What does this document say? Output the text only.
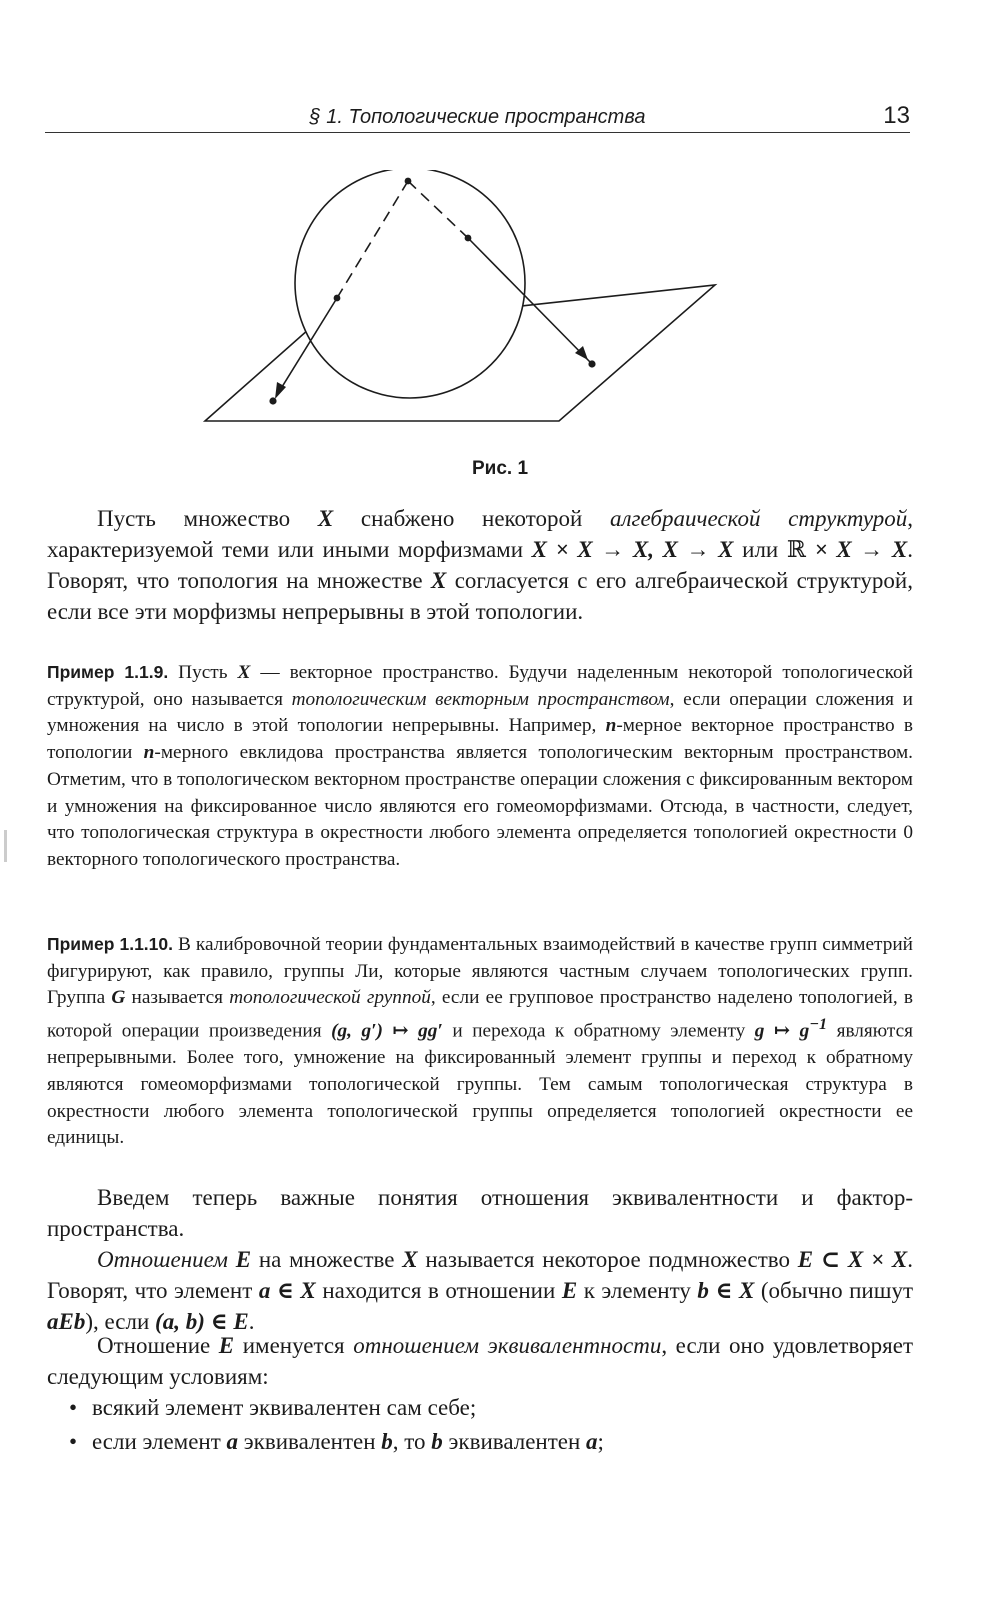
§ 1. Топологические пространства	13
Рис. 1

Пусть множество X снабжено некоторой алгебраической структурой, характеризуемой теми или иными морфизмами X × X → X, X → X или ℝ × X → X. Говорят, что топология на множестве X согласуется с его алгебраической структурой, если все эти морфизмы непрерывны в этой топологии.

Пример 1.1.9. Пусть X — векторное пространство. Будучи наделенным некоторой топологической структурой, оно называется топологическим векторным пространством, если операции сложения и умножения на число в этой топологии непрерывны. Например, n-мерное векторное пространство в топологии n-мерного евклидова пространства является топологическим векторным пространством. Отметим, что в топологическом векторном пространстве операции сложения с фиксированным вектором и умножения на фиксированное число являются его гомеоморфизмами. Отсюда, в частности, следует, что топологическая структура в окрестности любого элемента определяется топологией окрестности 0 векторного топологического пространства.

Пример 1.1.10. В калибровочной теории фундаментальных взаимодействий в качестве групп симметрий фигурируют, как правило, группы Ли, которые являются частным случаем топологических групп. Группа G называется топологической группой, если ее групповое пространство наделено топологией, в которой операции произведения (g, g′) ↦ gg′ и перехода к обратному элементу g ↦ $g^{-1}$ являются непрерывными. Более того, умножение на фиксированный элемент группы и переход к обратному являются гомеоморфизмами топологической группы. Тем самым топологическая структура в окрестности любого элемента топологической группы определяется топологией окрестности ее единицы.

Введем теперь важные понятия отношения эквивалентности и фактор-пространства.

Отношением E на множестве X называется некоторое подмножество E ⊂ X × X. Говорят, что элемент a ∈ X находится в отношении E к элементу b ∈ X (обычно пишут aEb), если (a, b) ∈ E.

Отношение E именуется отношением эквивалентности, если оно удовлетворяет следующим условиям:

• всякий элемент эквивалентен сам себе;
• если элемент a эквивалентен b, то b эквивалентен a;
